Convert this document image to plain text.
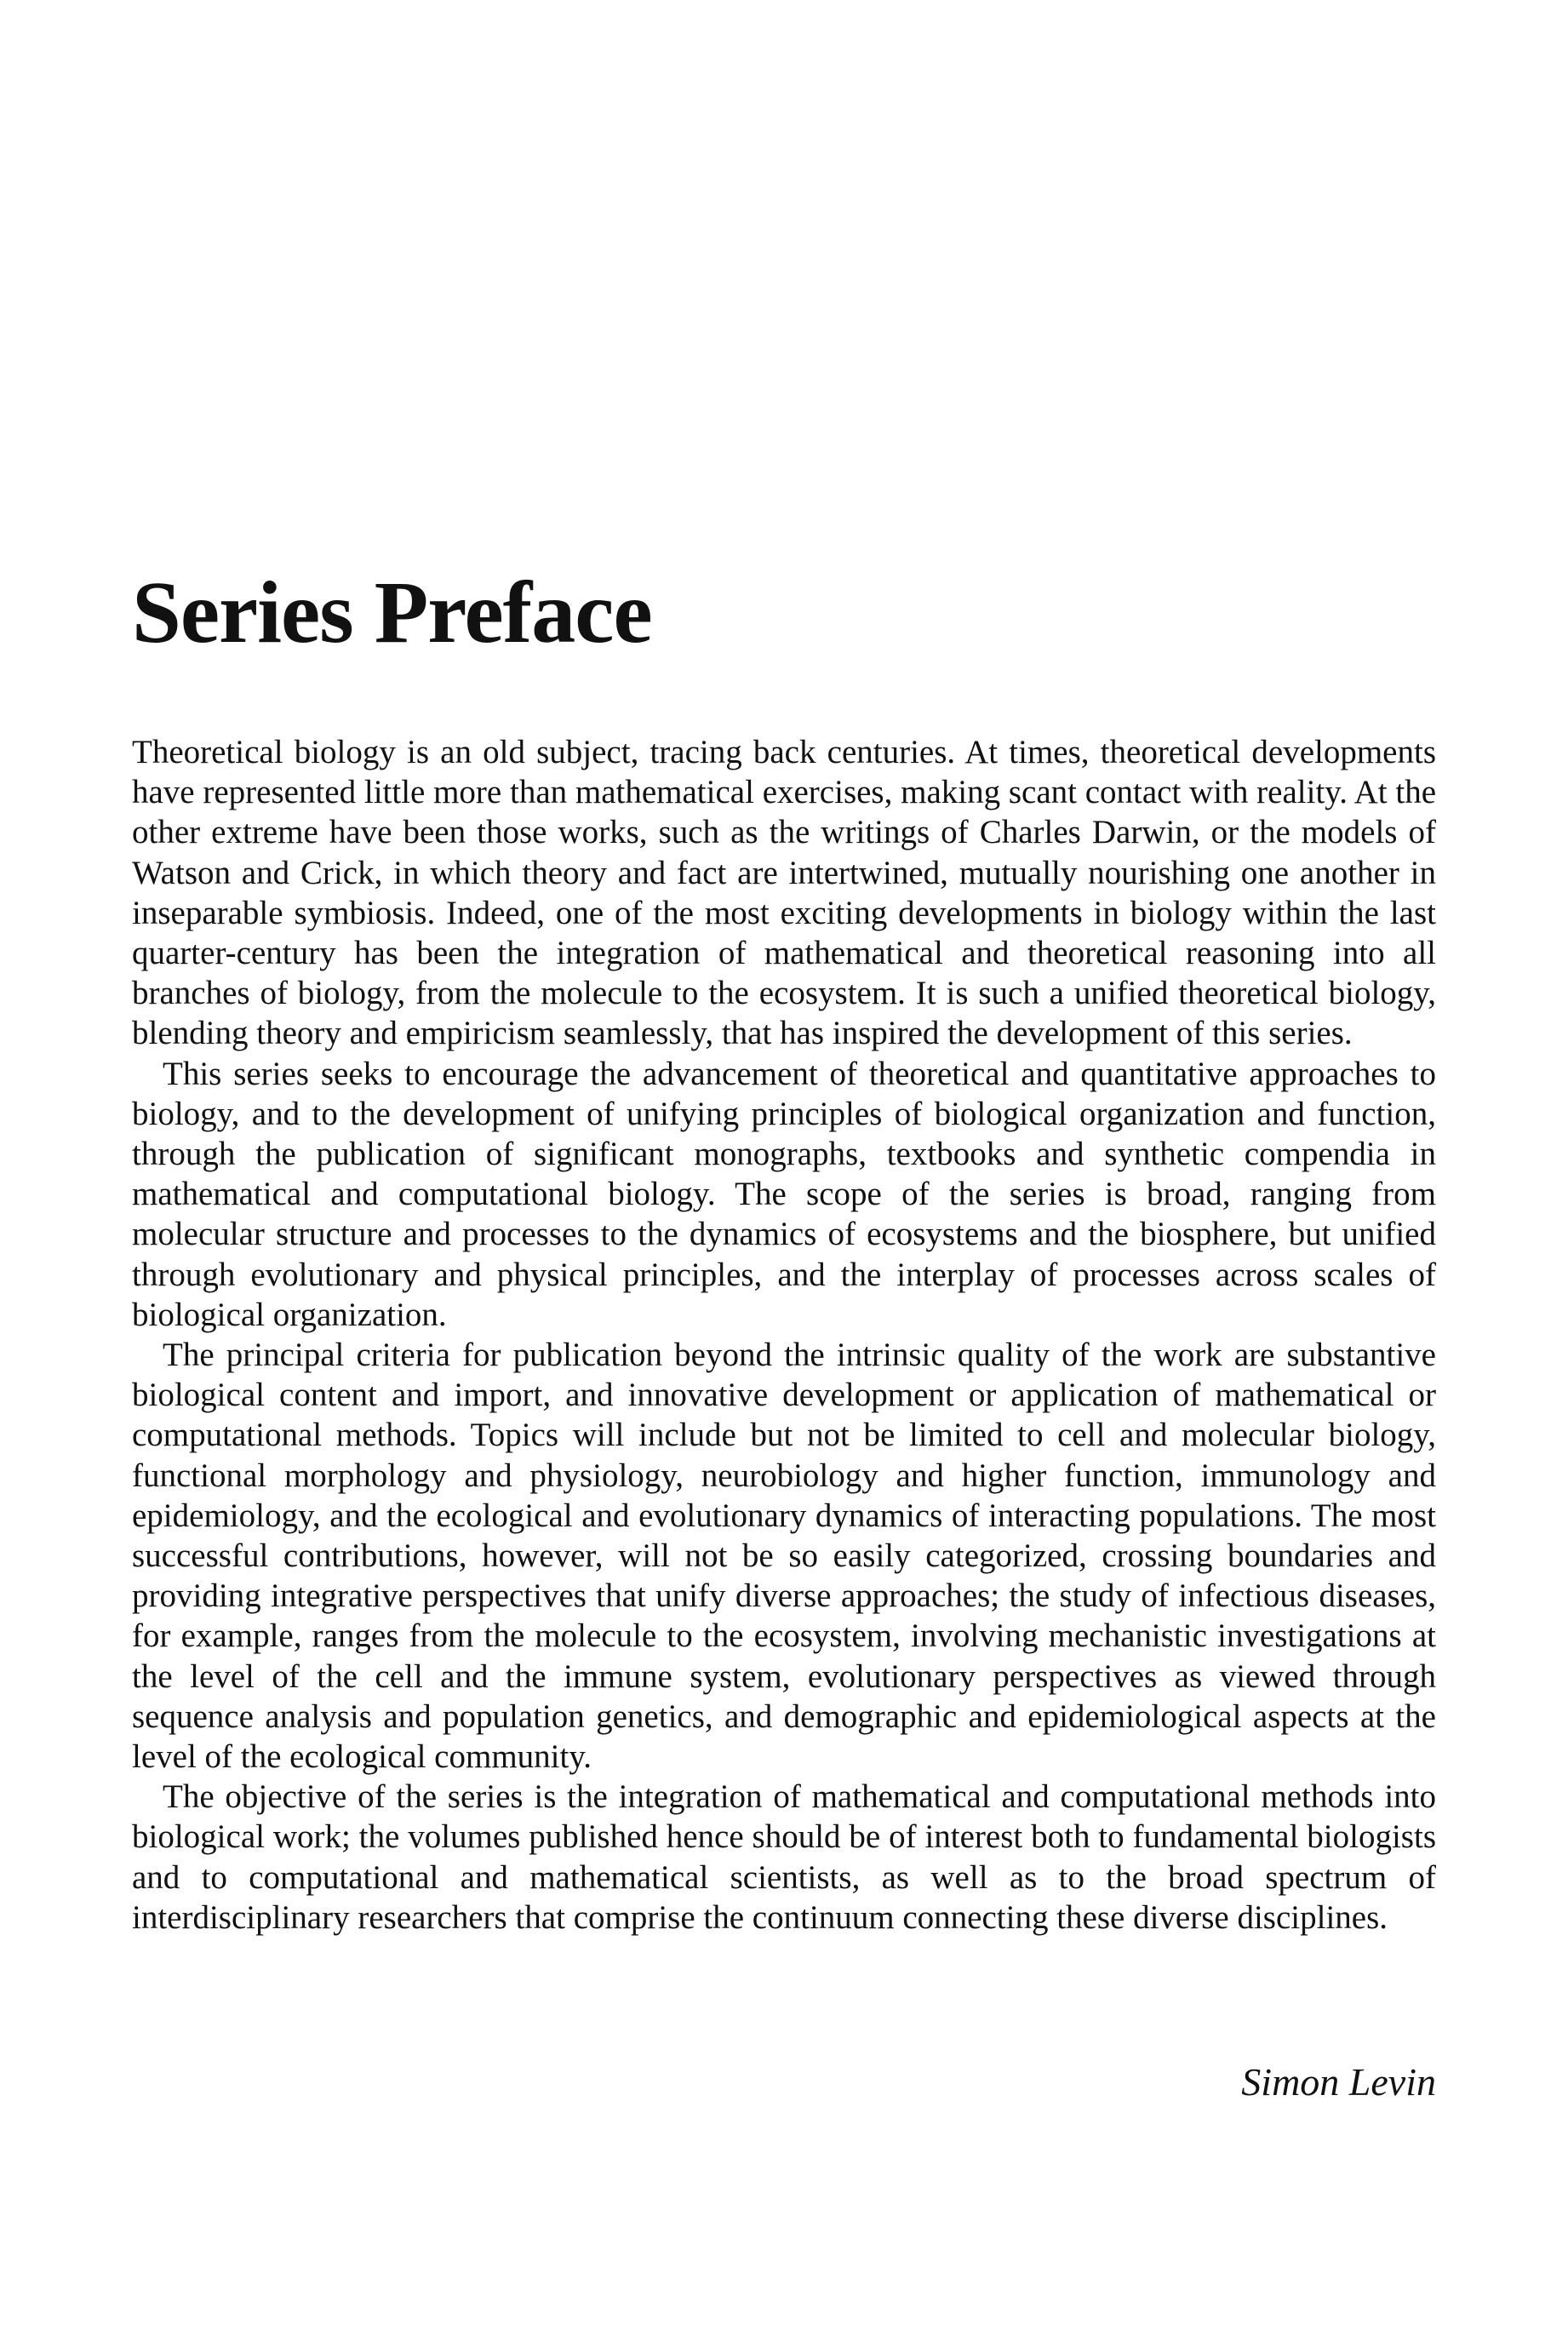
Series Preface

Theoretical biology is an old subject, tracing back centuries. At times, theoretical developments have represented little more than mathematical exercises, making scant contact with reality. At the other extreme have been those works, such as the writings of Charles Darwin, or the models of Watson and Crick, in which theory and fact are intertwined, mutually nourishing one another in inseparable symbiosis. Indeed, one of the most exciting developments in biology within the last quarter-century has been the integration of mathematical and theoretical reasoning into all branches of biology, from the molecule to the ecosystem. It is such a unified theoretical biology, blending theory and empiricism seamlessly, that has inspired the development of this series.

This series seeks to encourage the advancement of theoretical and quantitative approaches to biology, and to the development of unifying principles of biological organization and function, through the publication of significant monographs, textbooks and synthetic compendia in mathematical and computational biology. The scope of the series is broad, ranging from molecular structure and processes to the dynamics of ecosystems and the biosphere, but unified through evolutionary and physical principles, and the interplay of processes across scales of biological organization.

The principal criteria for publication beyond the intrinsic quality of the work are substantive biological content and import, and innovative development or application of mathematical or computational methods. Topics will include but not be limited to cell and molecular biology, functional morphology and physiology, neurobiology and higher function, immunology and epidemiology, and the ecological and evolutionary dynamics of interacting populations. The most successful contributions, however, will not be so easily categorized, crossing boundaries and providing integrative perspectives that unify diverse approaches; the study of infectious diseases, for example, ranges from the molecule to the ecosystem, involving mechanistic investigations at the level of the cell and the immune system, evolutionary perspectives as viewed through sequence analysis and population genetics, and demographic and epidemiological aspects at the level of the ecological community.

The objective of the series is the integration of mathematical and computational methods into biological work; the volumes published hence should be of interest both to fundamental biologists and to computational and mathematical scientists, as well as to the broad spectrum of interdisciplinary researchers that comprise the continuum connecting these diverse disciplines.

Simon Levin
